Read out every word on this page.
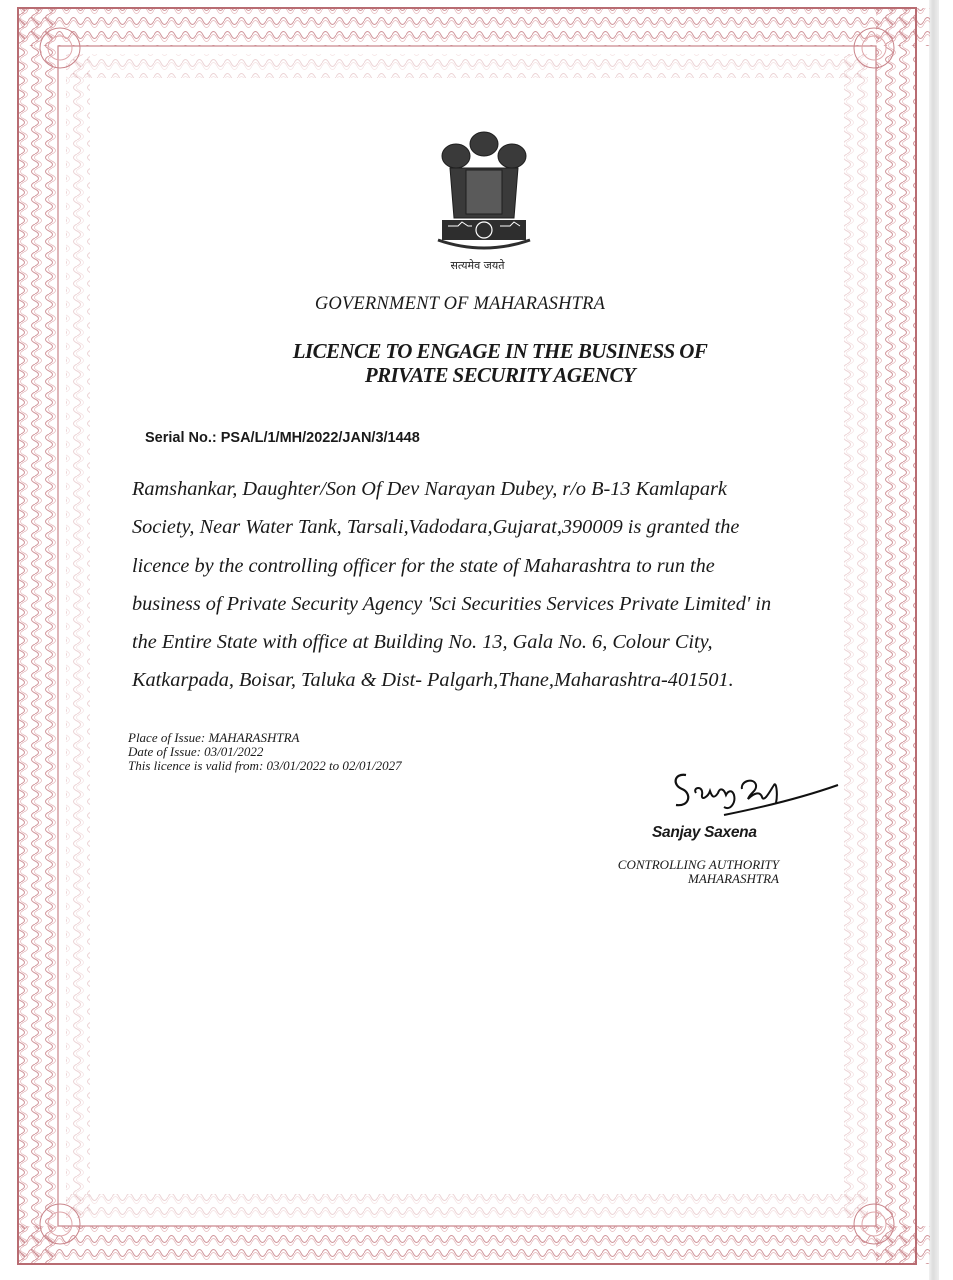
सत्यमेव जयते
GOVERNMENT OF MAHARASHTRA
LICENCE TO ENGAGE IN THE BUSINESS OF
PRIVATE SECURITY AGENCY
Serial No.: PSA/L/1/MH/2022/JAN/3/1448
Ramshankar, Daughter/Son Of Dev Narayan Dubey, r/o B-13 Kamlapark
Society, Near Water Tank, Tarsali,Vadodara,Gujarat,390009 is granted the
licence by the controlling officer for the state of Maharashtra to run the
business of Private Security Agency 'Sci Securities Services Private Limited' in
the Entire State with office at Building No. 13, Gala No. 6, Colour City,
Katkarpada, Boisar, Taluka & Dist- Palgarh,Thane,Maharashtra-401501.
Place of Issue: MAHARASHTRA
Date of Issue: 03/01/2022
This licence is valid from: 03/01/2022 to 02/01/2027
Sanjay Saxena
CONTROLLING AUTHORITY
MAHARASHTRA
